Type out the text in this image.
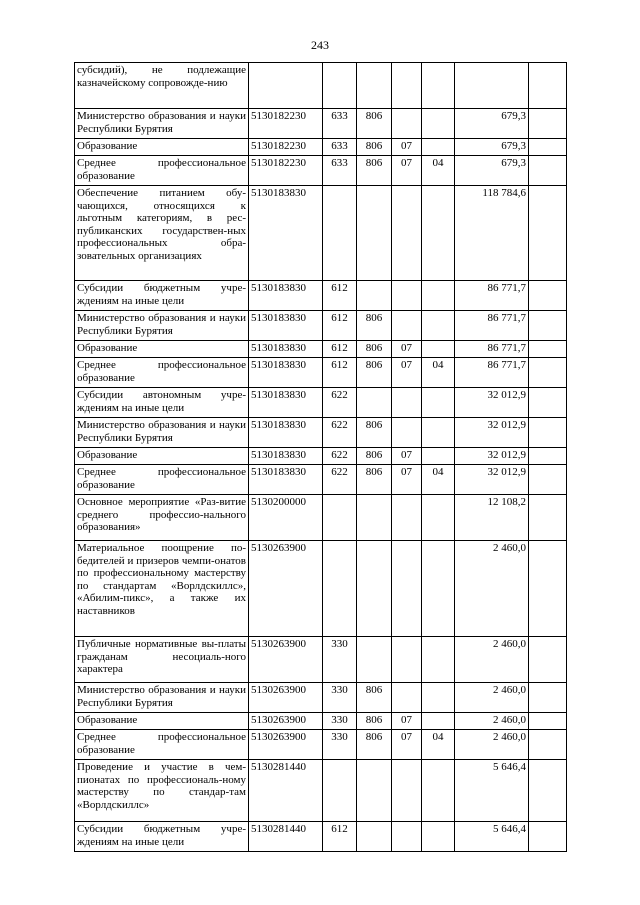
243
субсидий), не подлежащие казначейскому сопровожде-нию							
Министерство образования и науки Республики Бурятия	5130182230	633	806			679,3	
Образование	5130182230	633	806	07		679,3	
Среднее профессиональное образование	5130182230	633	806	07	04	679,3	
Обеспечение питанием обу-чающихся, относящихся к льготным категориям, в рес-публиканских государствен-ных профессиональных обра-зовательных организациях	5130183830					118 784,6	
Субсидии бюджетным учре-ждениям на иные цели	5130183830	612				86 771,7	
Министерство образования и науки Республики Бурятия	5130183830	612	806			86 771,7	
Образование	5130183830	612	806	07		86 771,7	
Среднее профессиональное образование	5130183830	612	806	07	04	86 771,7	
Субсидии автономным учре-ждениям на иные цели	5130183830	622				32 012,9	
Министерство образования и науки Республики Бурятия	5130183830	622	806			32 012,9	
Образование	5130183830	622	806	07		32 012,9	
Среднее профессиональное образование	5130183830	622	806	07	04	32 012,9	
Основное мероприятие «Раз-витие среднего профессио-нального образования»	5130200000					12 108,2	
Материальное поощрение по-бедителей и призеров чемпи-онатов по профессиональному мастерству по стандартам «Ворлдскиллс», «Абилим-пикс», а также их наставников	5130263900					2 460,0	
Публичные нормативные вы-платы гражданам несоциаль-ного характера	5130263900	330				2 460,0	
Министерство образования и науки Республики Бурятия	5130263900	330	806			2 460,0	
Образование	5130263900	330	806	07		2 460,0	
Среднее профессиональное образование	5130263900	330	806	07	04	2 460,0	
Проведение и участие в чем-пионатах по профессиональ-ному мастерству по стандар-там «Ворлдскиллс»	5130281440					5 646,4	
Субсидии бюджетным учре-ждениям на иные цели	5130281440	612				5 646,4	
